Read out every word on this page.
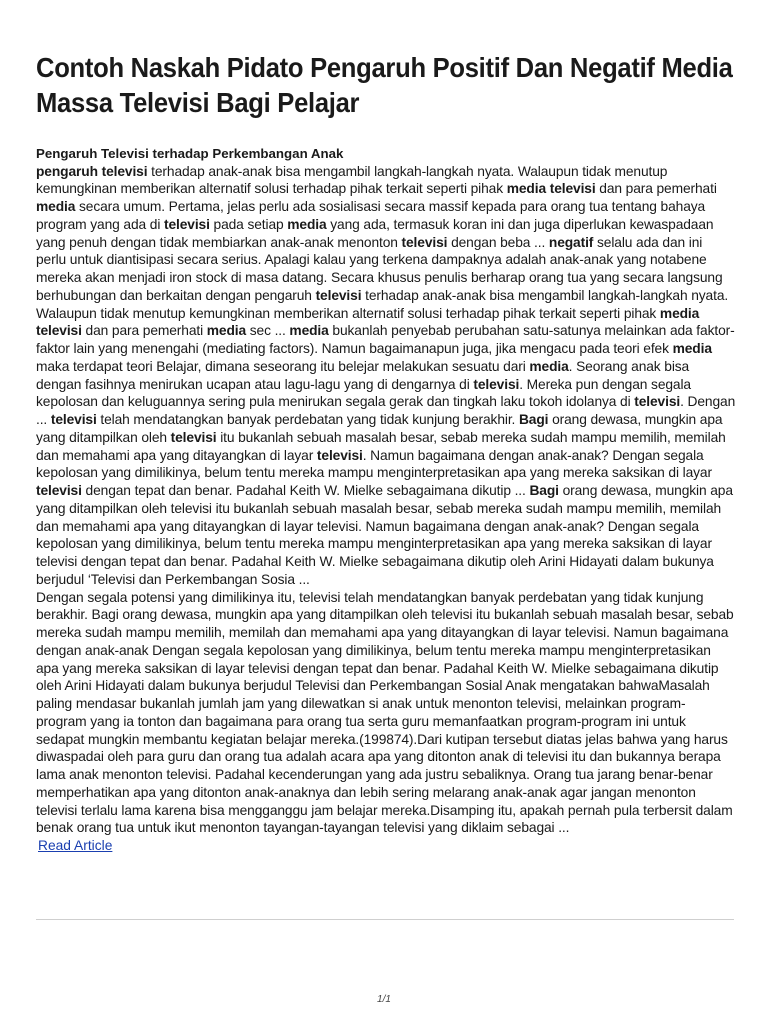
Contoh Naskah Pidato Pengaruh Positif Dan Negatif Media Massa Televisi Bagi Pelajar
Pengaruh Televisi terhadap Perkembangan Anak

pengaruh televisi terhadap anak-anak bisa mengambil langkah-langkah nyata. Walaupun tidak menutup kemungkinan memberikan alternatif solusi terhadap pihak terkait seperti pihak media televisi dan para pemerhati media secara umum. Pertama, jelas perlu ada sosialisasi secara massif kepada para orang tua tentang bahaya program yang ada di televisi pada setiap media yang ada, termasuk koran ini dan juga diperlukan kewaspadaan yang penuh dengan tidak membiarkan anak-anak menonton televisi dengan beba ... negatif selalu ada dan ini perlu untuk diantisipasi secara serius. Apalagi kalau yang terkena dampaknya adalah anak-anak yang notabene mereka akan menjadi iron stock di masa datang. Secara khusus penulis berharap orang tua yang secara langsung berhubungan dan berkaitan dengan pengaruh televisi terhadap anak-anak bisa mengambil langkah-langkah nyata. Walaupun tidak menutup kemungkinan memberikan alternatif solusi terhadap pihak terkait seperti pihak media televisi dan para pemerhati media sec ... media bukanlah penyebab perubahan satu-satunya melainkan ada faktor-faktor lain yang menengahi (mediating factors). Namun bagaimanapun juga, jika mengacu pada teori efek media maka terdapat teori Belajar, dimana seseorang itu belejar melakukan sesuatu dari media. Seorang anak bisa dengan fasihnya menirukan ucapan atau lagu-lagu yang di dengarnya di televisi. Mereka pun dengan segala kepolosan dan keluguannya sering pula menirukan segala gerak dan tingkah laku tokoh idolanya di televisi. Dengan ... televisi telah mendatangkan banyak perdebatan yang tidak kunjung berakhir. Bagi orang dewasa, mungkin apa yang ditampilkan oleh televisi itu bukanlah sebuah masalah besar, sebab mereka sudah mampu memilih, memilah dan memahami apa yang ditayangkan di layar televisi. Namun bagaimana dengan anak-anak? Dengan segala kepolosan yang dimilikinya, belum tentu mereka mampu menginterpretasikan apa yang mereka saksikan di layar televisi dengan tepat dan benar. Padahal Keith W. Mielke sebagaimana dikutip ... Bagi orang dewasa, mungkin apa yang ditampilkan oleh televisi itu bukanlah sebuah masalah besar, sebab mereka sudah mampu memilih, memilah dan memahami apa yang ditayangkan di layar televisi. Namun bagaimana dengan anak-anak? Dengan segala kepolosan yang dimilikinya, belum tentu mereka mampu menginterpretasikan apa yang mereka saksikan di layar televisi dengan tepat dan benar. Padahal Keith W. Mielke sebagaimana dikutip oleh Arini Hidayati dalam bukunya berjudul ‘Televisi dan Perkembangan Sosia ...

Dengan segala potensi yang dimilikinya itu, televisi telah mendatangkan banyak perdebatan yang tidak kunjung berakhir. Bagi orang dewasa, mungkin apa yang ditampilkan oleh televisi itu bukanlah sebuah masalah besar, sebab mereka sudah mampu memilih, memilah dan memahami apa yang ditayangkan di layar televisi. Namun bagaimana dengan anak-anak Dengan segala kepolosan yang dimilikinya, belum tentu mereka mampu menginterpretasikan apa yang mereka saksikan di layar televisi dengan tepat dan benar. Padahal Keith W. Mielke sebagaimana dikutip oleh Arini Hidayati dalam bukunya berjudul Televisi dan Perkembangan Sosial Anak mengatakan bahwaMasalah paling mendasar bukanlah jumlah jam yang dilewatkan si anak untuk menonton televisi, melainkan program-program yang ia tonton dan bagaimana para orang tua serta guru memanfaatkan program-program ini untuk sedapat mungkin membantu kegiatan belajar mereka.(199874).Dari kutipan tersebut diatas jelas bahwa yang harus diwaspadai oleh para guru dan orang tua adalah acara apa yang ditonton anak di televisi itu dan bukannya berapa lama anak menonton televisi. Padahal kecenderungan yang ada justru sebaliknya. Orang tua jarang benar-benar memperhatikan apa yang ditonton anak-anaknya dan lebih sering melarang anak-anak agar jangan menonton televisi terlalu lama karena bisa mengganggu jam belajar mereka.Disamping itu, apakah pernah pula terbersit dalam benak orang tua untuk ikut menonton tayangan-tayangan televisi yang diklaim sebagai ...

Read Article
1/1
